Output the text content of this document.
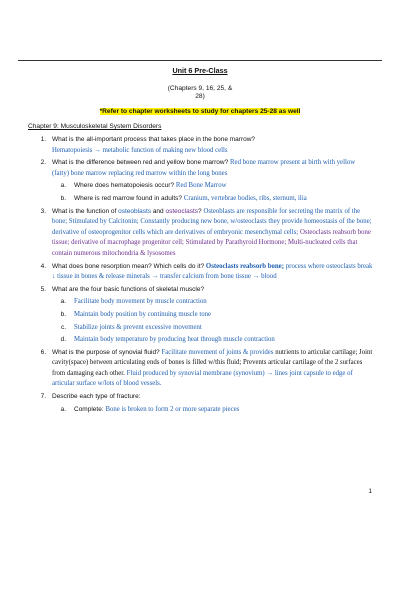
Unit 6 Pre-Class
(Chapters 9, 16, 25, &
28)
*Refer to chapter worksheets to study for chapters 25-28 as well
Chapter 9: Musculoskeletal System Disorders
1. What is the all-important process that takes place in the bone marrow?
Hematopoiesis → metabolic function of making new blood cells
2. What is the difference between red and yellow bone marrow? Red bone marrow present at birth with yellow (fatty) bone marrow replacing red marrow within the long bones
a.	Where does hematopoiesis occur? Red Bone Marrow
b.	Where is red marrow found in adults? Cranium, vertebrae bodies, ribs, sternum, ilia
3. What is the function of osteoblasts and osteoclasts? Osteoblasts are responsible for secreting the matrix of the bone; Stimulated by Calcitonin; Constantly producing new bone, w/osteoclasts they provide homeostasis of the bone; derivative of osteoprogenitor cells which are derivatives of embryonic mesenchymal cells; Osteoclasts reabsorb bone tissue; derivative of macrophage progenitor cell; Stimulated by Parathyroid Hormone; Multi-nucleated cells that contain numerous mitochondria & lysosomes
4. What does bone resorption mean? Which cells do it? Osteoclasts reabsorb bone; process where osteoclasts break ↓ tissue in bones & release minerals → transfer calcium from bone tissue → blood
5. What are the four basic functions of skeletal muscle?
a.	Facilitate body movement by muscle contraction
b.	Maintain body position by continuing muscle tone
c.	Stabilize joints & prevent excessive movement
d.	Maintain body temperature by producing heat through muscle contraction
6. What is the purpose of synovial fluid? Facilitate movement of joints & provides nutrients to articular cartilage; Joint cavity(space) between articulating ends of bones is filled w/this fluid; Prevents articular cartilage of the 2 surfaces from damaging each other. Fluid produced by synovial membrane (synovium) → lines joint capsule to edge of articular surface w/lots of blood vessels.
7. Describe each type of fracture:
a.	Complete: Bone is broken to form 2 or more separate pieces
1
